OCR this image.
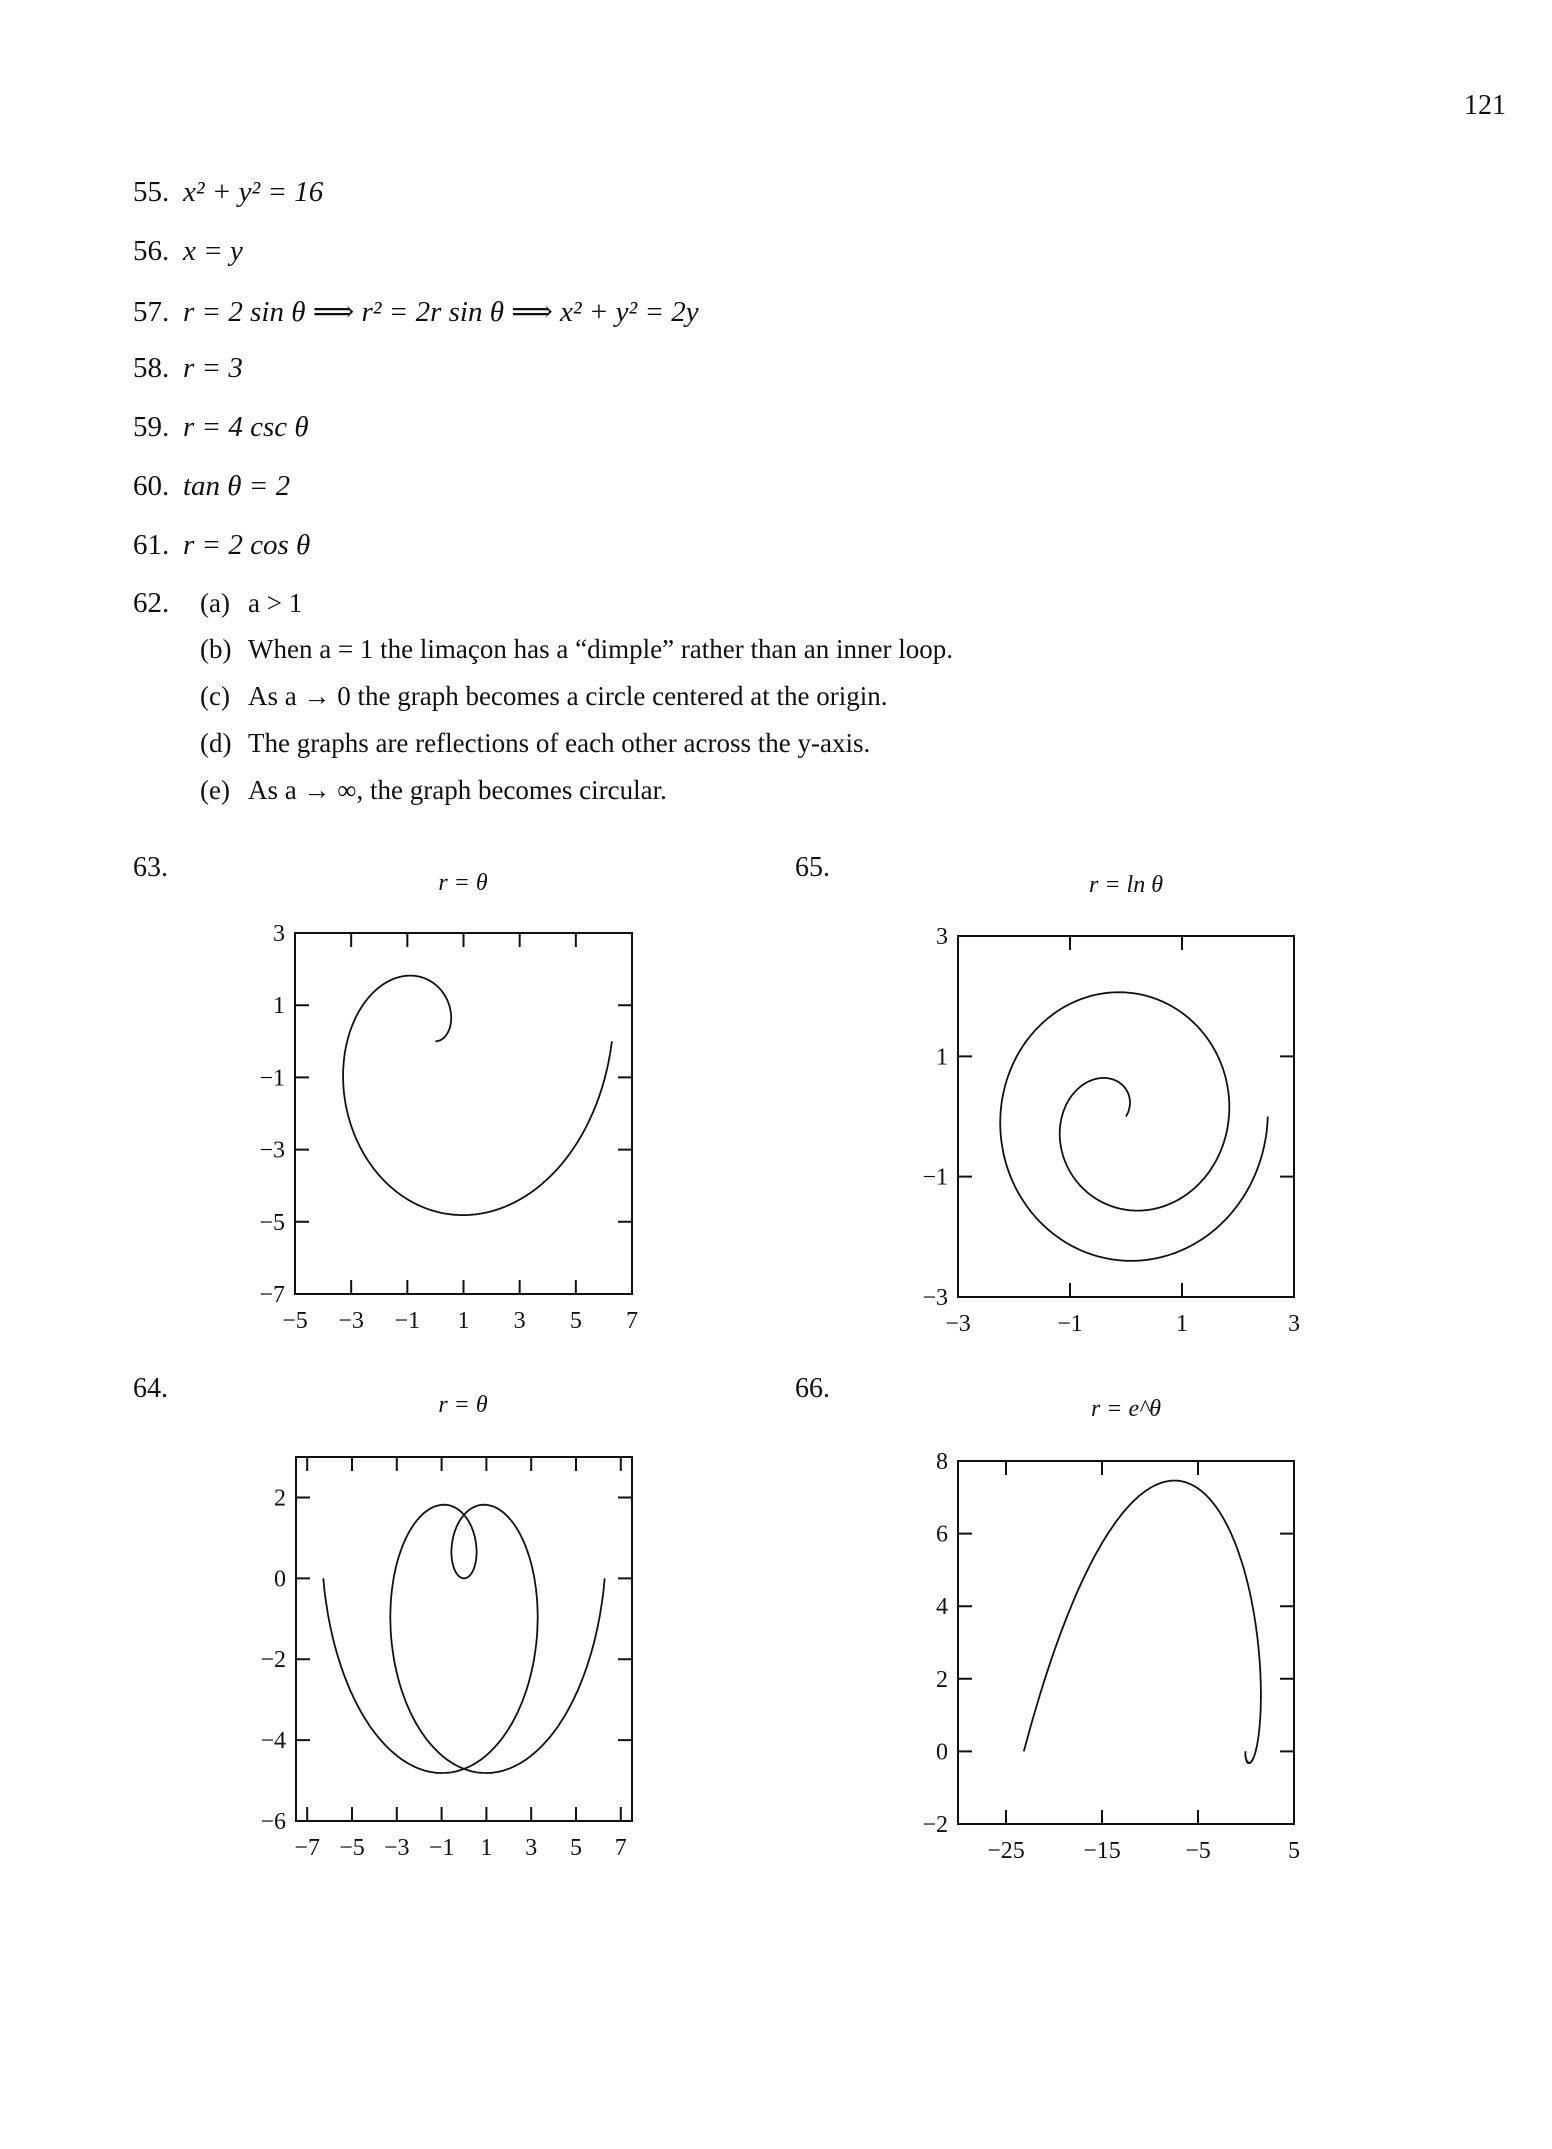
121
55. x² + y² = 16
56. x = y
57. r = 2 sin θ ⟹ r² = 2r sin θ ⟹ x² + y² = 2y
58. r = 3
59. r = 4 csc θ
60. tan θ = 2
61. r = 2 cos θ
62. (a) a > 1
(b) When a = 1 the limaçon has a “dimple” rather than an inner loop.
(c) As a → 0 the graph becomes a circle centered at the origin.
(d) The graphs are reflections of each other across the y-axis.
(e) As a → ∞, the graph becomes circular.
63.	65.
64.	66.
r = θ	r = ln θ
r = θ	r = e^θ
−5 −3 −1 1 3 5 7
3
1
−1
−3
−5
−7
−7 −5 −3 −1 1 3 5 7
2
0
−2
−4
−6
−3	−1	1	3
3
1
−1
−3
−25 −15	−5	5
8
6
4
2
0
−2
